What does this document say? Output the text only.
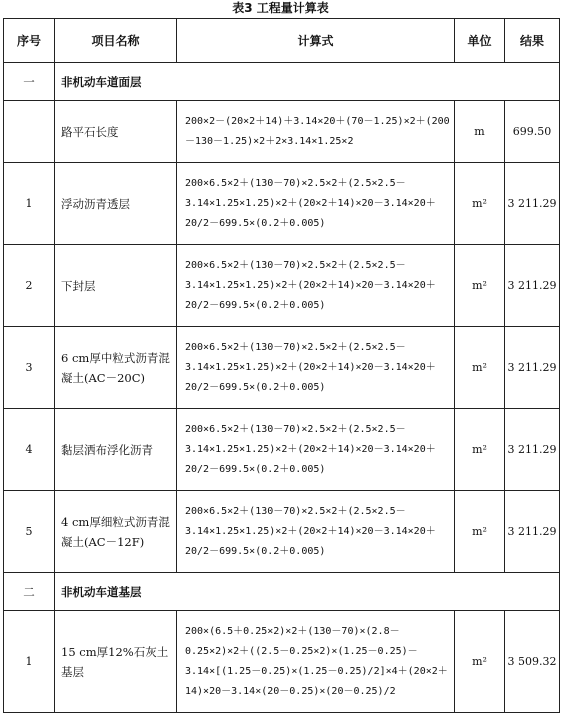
表3 工程量计算表
序号	项目名称	计算式	单位	结果
一	非机动车道面层			
	路平石长度	200×2－(20×2＋14)＋3.14×20＋(70－1.25)×2＋(200－130－1.25)×2＋2×3.14×1.25×2	m	699.50
1	浮动沥青透层	200×6.5×2＋(130－70)×2.5×2＋(2.5×2.5－3.14×1.25×1.25)×2＋(20×2＋14)×20－3.14×20＋20/2－699.5×(0.2＋0.005)	m²	3 211.29
2	下封层	200×6.5×2＋(130－70)×2.5×2＋(2.5×2.5－3.14×1.25×1.25)×2＋(20×2＋14)×20－3.14×20＋20/2－699.5×(0.2＋0.005)	m²	3 211.29
3	6 cm厚中粒式沥青混凝土(AC－20C)	200×6.5×2＋(130－70)×2.5×2＋(2.5×2.5－3.14×1.25×1.25)×2＋(20×2＋14)×20－3.14×20＋20/2－699.5×(0.2＋0.005)	m²	3 211.29
4	黏层洒布浮化沥青	200×6.5×2＋(130－70)×2.5×2＋(2.5×2.5－3.14×1.25×1.25)×2＋(20×2＋14)×20－3.14×20＋20/2－699.5×(0.2＋0.005)	m²	3 211.29
5	4 cm厚细粒式沥青混凝土(AC－12F)	200×6.5×2＋(130－70)×2.5×2＋(2.5×2.5－3.14×1.25×1.25)×2＋(20×2＋14)×20－3.14×20＋20/2－699.5×(0.2＋0.005)	m²	3 211.29
二	非机动车道基层			
1	15 cm厚12%石灰土基层	200×(6.5＋0.25×2)×2＋(130－70)×(2.8－0.25×2)×2＋((2.5－0.25×2)×(1.25－0.25)－3.14×[(1.25－0.25)×(1.25－0.25)/2]×4＋(20×2＋14)×20－3.14×(20－0.25)×(20－0.25)/2	m²	3 509.32
